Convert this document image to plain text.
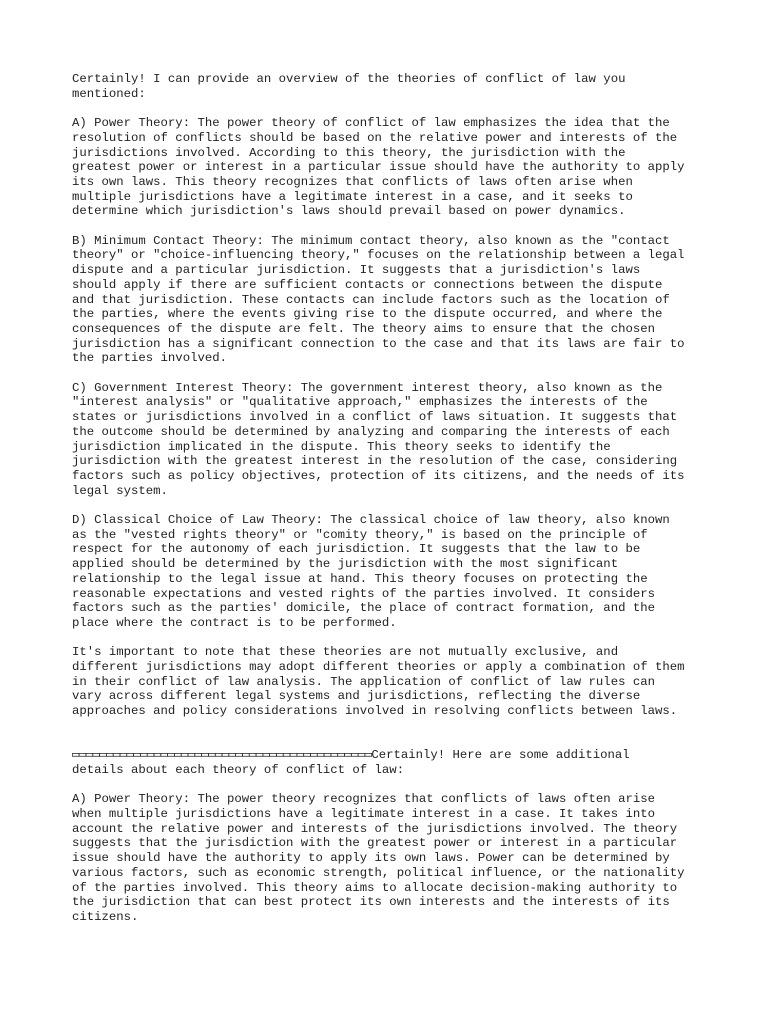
Certainly! I can provide an overview of the theories of conflict of law you
mentioned:

A) Power Theory: The power theory of conflict of law emphasizes the idea that the
resolution of conflicts should be based on the relative power and interests of the
jurisdictions involved. According to this theory, the jurisdiction with the
greatest power or interest in a particular issue should have the authority to apply
its own laws. This theory recognizes that conflicts of laws often arise when
multiple jurisdictions have a legitimate interest in a case, and it seeks to
determine which jurisdiction's laws should prevail based on power dynamics.

B) Minimum Contact Theory: The minimum contact theory, also known as the "contact
theory" or "choice-influencing theory," focuses on the relationship between a legal
dispute and a particular jurisdiction. It suggests that a jurisdiction's laws
should apply if there are sufficient contacts or connections between the dispute
and that jurisdiction. These contacts can include factors such as the location of
the parties, where the events giving rise to the dispute occurred, and where the
consequences of the dispute are felt. The theory aims to ensure that the chosen
jurisdiction has a significant connection to the case and that its laws are fair to
the parties involved.

C) Government Interest Theory: The government interest theory, also known as the
"interest analysis" or "qualitative approach," emphasizes the interests of the
states or jurisdictions involved in a conflict of laws situation. It suggests that
the outcome should be determined by analyzing and comparing the interests of each
jurisdiction implicated in the dispute. This theory seeks to identify the
jurisdiction with the greatest interest in the resolution of the case, considering
factors such as policy objectives, protection of its citizens, and the needs of its
legal system.

D) Classical Choice of Law Theory: The classical choice of law theory, also known
as the "vested rights theory" or "comity theory," is based on the principle of
respect for the autonomy of each jurisdiction. It suggests that the law to be
applied should be determined by the jurisdiction with the most significant
relationship to the legal issue at hand. This theory focuses on protecting the
reasonable expectations and vested rights of the parties involved. It considers
factors such as the parties' domicile, the place of contract formation, and the
place where the contract is to be performed.

It's important to note that these theories are not mutually exclusive, and
different jurisdictions may adopt different theories or apply a combination of them
in their conflict of law analysis. The application of conflict of law rules can
vary across different legal systems and jurisdictions, reflecting the diverse
approaches and policy considerations involved in resolving conflicts between laws.

▭▭▭▭▭▭▭▭▭▭▭▭▭▭▭▭▭▭▭▭▭▭▭▭▭▭▭▭▭▭▭▭▭▭▭▭▭▭▭▭▭▭▭▭Certainly! Here are some additional
details about each theory of conflict of law:

A) Power Theory: The power theory recognizes that conflicts of laws often arise
when multiple jurisdictions have a legitimate interest in a case. It takes into
account the relative power and interests of the jurisdictions involved. The theory
suggests that the jurisdiction with the greatest power or interest in a particular
issue should have the authority to apply its own laws. Power can be determined by
various factors, such as economic strength, political influence, or the nationality
of the parties involved. This theory aims to allocate decision-making authority to
the jurisdiction that can best protect its own interests and the interests of its
citizens.
